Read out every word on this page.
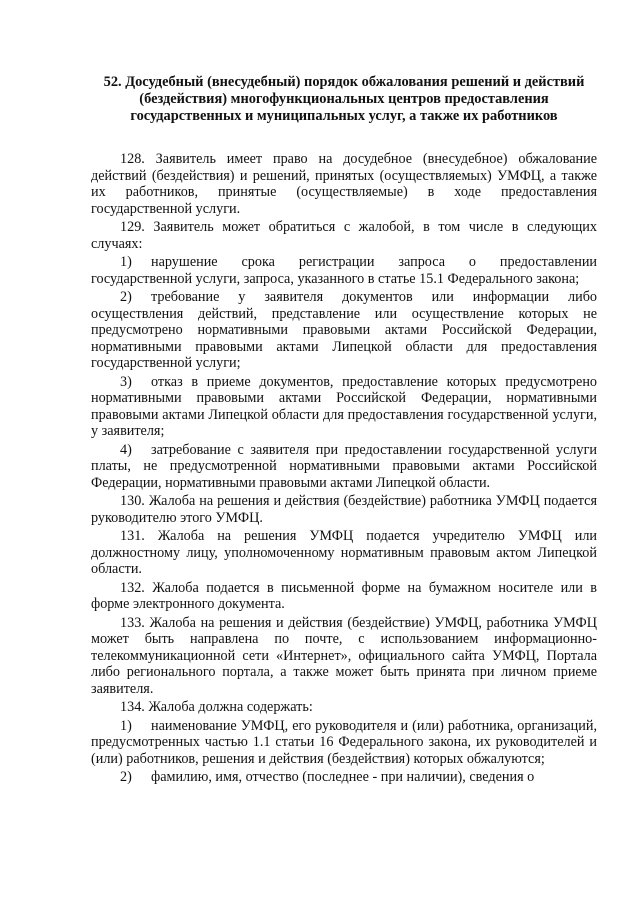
52. Досудебный (внесудебный) порядок обжалования решений и действий (бездействия) многофункциональных центров предоставления государственных и муниципальных услуг, а также их работников

128. Заявитель имеет право на досудебное (внесудебное) обжалование действий (бездействия) и решений, принятых (осуществляемых) УМФЦ, а также их работников, принятые (осуществляемые) в ходе предоставления государственной услуги.

129. Заявитель может обратиться с жалобой, в том числе в следующих случаях:

1) нарушение срока регистрации запроса о предоставлении государственной услуги, запроса, указанного в статье 15.1 Федерального закона;

2) требование у заявителя документов или информации либо осуществления действий, представление или осуществление которых не предусмотрено нормативными правовыми актами Российской Федерации, нормативными правовыми актами Липецкой области для предоставления государственной услуги;

3) отказ в приеме документов, предоставление которых предусмотрено нормативными правовыми актами Российской Федерации, нормативными правовыми актами Липецкой области для предоставления государственной услуги, у заявителя;

4) затребование с заявителя при предоставлении государственной услуги платы, не предусмотренной нормативными правовыми актами Российской Федерации, нормативными правовыми актами Липецкой области.

130. Жалоба на решения и действия (бездействие) работника УМФЦ подается руководителю этого УМФЦ.

131. Жалоба на решения УМФЦ подается учредителю УМФЦ или должностному лицу, уполномоченному нормативным правовым актом Липецкой области.

132. Жалоба подается в письменной форме на бумажном носителе или в форме электронного документа.

133. Жалоба на решения и действия (бездействие) УМФЦ, работника УМФЦ может быть направлена по почте, с использованием информационно-телекоммуникационной сети «Интернет», официального сайта УМФЦ, Портала либо регионального портала, а также может быть принята при личном приеме заявителя.

134. Жалоба должна содержать:

1) наименование УМФЦ, его руководителя и (или) работника, организаций, предусмотренных частью 1.1 статьи 16 Федерального закона, их руководителей и (или) работников, решения и действия (бездействия) которых обжалуются;

2) фамилию, имя, отчество (последнее - при наличии), сведения о
